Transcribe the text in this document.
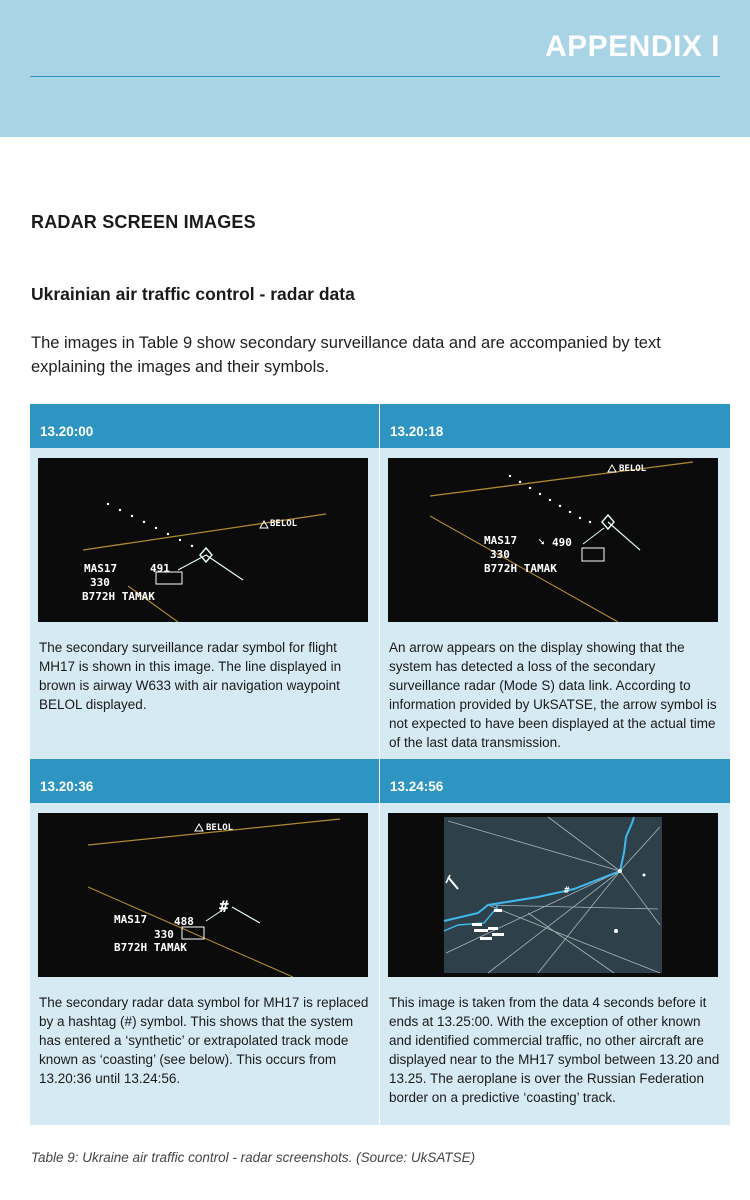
APPENDIX I
RADAR SCREEN IMAGES
Ukrainian air traffic control - radar data

The images in Table 9 show secondary surveillance data and are accompanied by text explaining the images and their symbols.

13.20:00
BELOL
MAS17	491
330
B772H TAMAK

The secondary surveillance radar symbol for flight MH17 is shown in this image. The line displayed in brown is airway W633 with air navigation waypoint BELOL displayed.

13.20:18
BELOL
➘
MAS17	490
330
B772H TAMAK

An arrow appears on the display showing that the system has detected a loss of the secondary surveillance radar (Mode S) data link. According to information provided by UkSATSE, the arrow symbol is not expected to have been displayed at the actual time of the last data transmission.

13.20:36
BELOL
#
MAS17 488
330
B772H TAMAK

The secondary radar data symbol for MH17 is replaced by a hashtag (#) symbol. This shows that the system has entered a ‘synthetic’ or extrapolated track mode known as ‘coasting’ (see below). This occurs from 13.20:36 until 13.24:56.

13.24:56
#

This image is taken from the data 4 seconds before it ends at 13.25:00. With the exception of other known and identified commercial traffic, no other aircraft are displayed near to the MH17 symbol between 13.20 and 13.25. The aeroplane is over the Russian Federation border on a predictive ‘coasting’ track.

Table 9: Ukraine air traffic control - radar screenshots. (Source: UkSATSE)
